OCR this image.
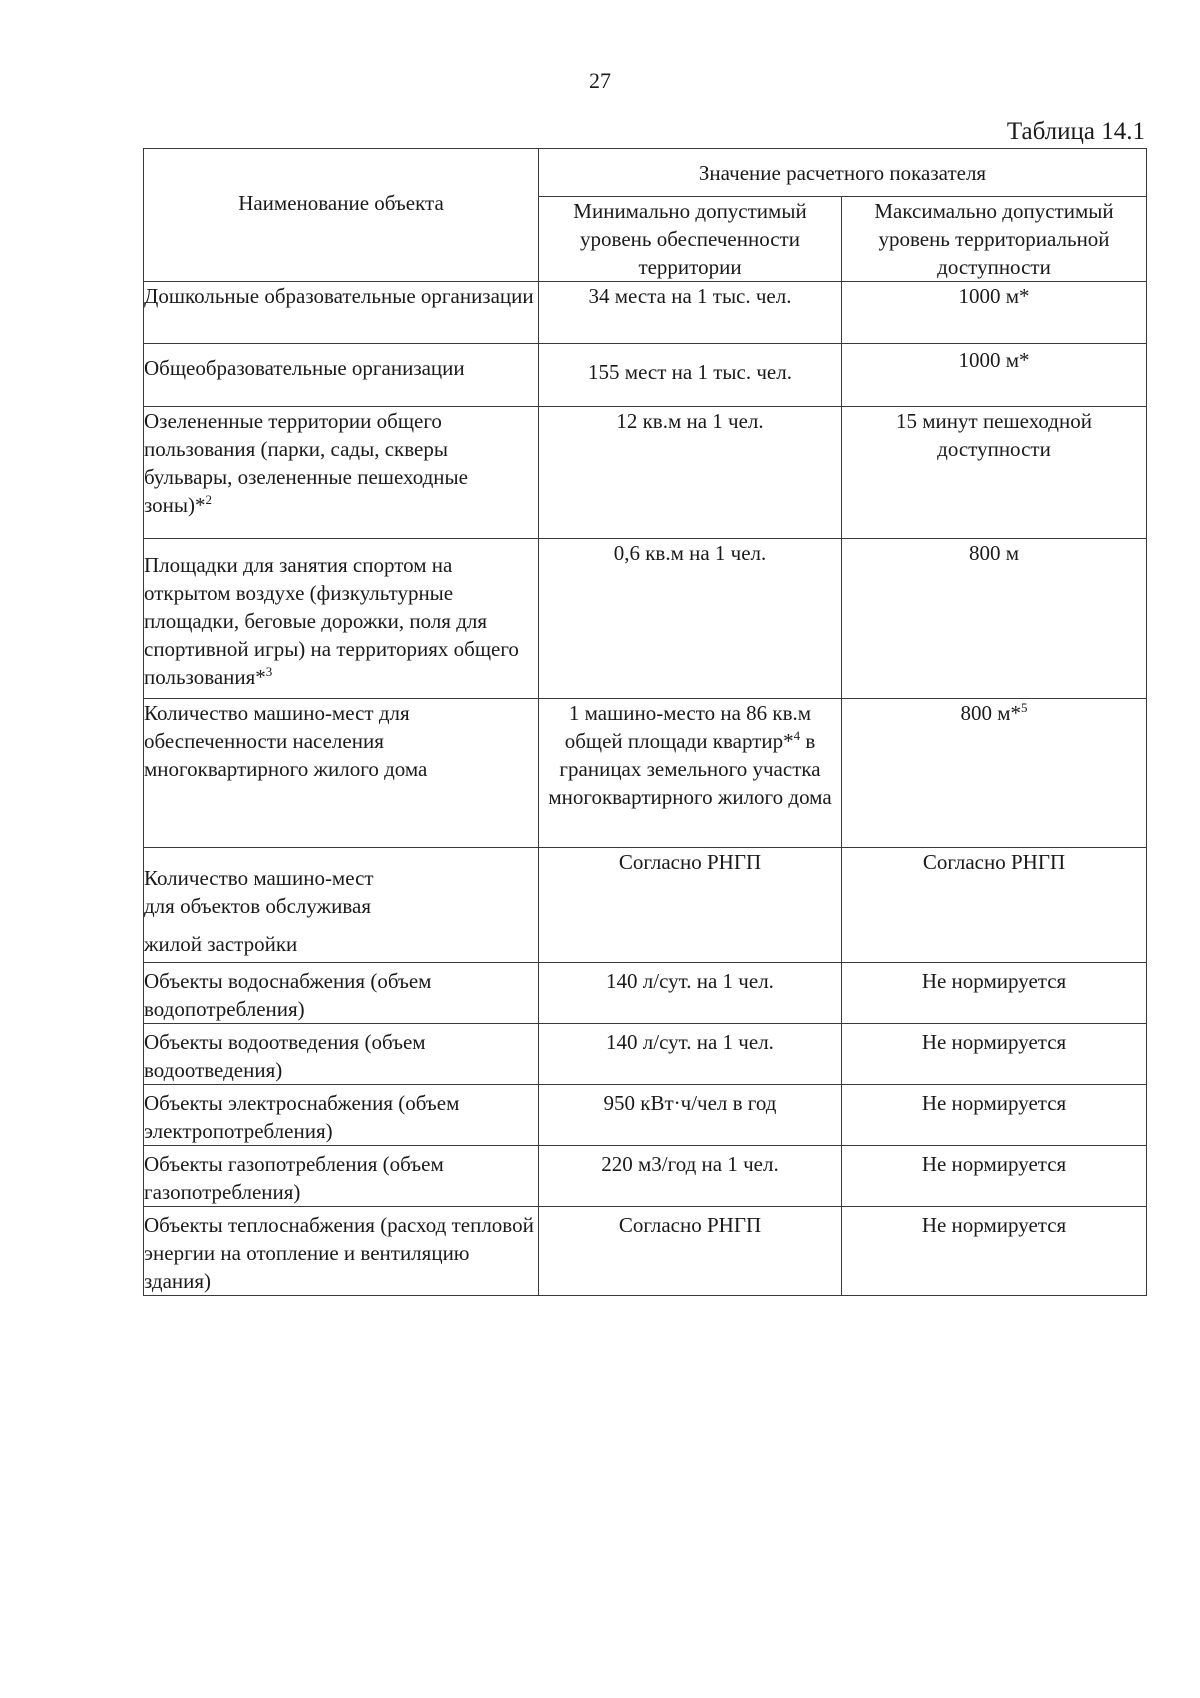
27
Таблица 14.1
Наименование объекта	Значение расчетного показателя	
	Минимально допустимый уровень обеспеченности территории	Максимально допустимый уровень территориальной доступности

Дошкольные образовательные организации	34 места на 1 тыс. чел.	1000 м*

Общеобразовательные организации	155 мест на 1 тыс. чел.	1000 м*
Озелененные территории общего пользования (парки, сады, скверы бульвары, озелененные пешеходные зоны)*$^2$	12 кв.м на 1 чел.	15 минут пешеходной доступности
Площадки для занятия спортом на открытом воздухе (физкультурные площадки, беговые дорожки, поля для спортивной игры) на территориях общего пользования*$^3$	0,6 кв.м на 1 чел.	800 м
Количество машино-мест для обеспеченности населения многоквартирного жилого дома	1 машино-место на 86 кв.м общей площади квартир*$^4$ в границах земельного участка многоквартирного жилого дома	800 м*$^5$

Количество машино-мест
для объектов обслуживая
жилой застройки	Согласно РНГП	Согласно РНГП
Объекты водоснабжения (объем водопотребления)	140 л/сут. на 1 чел.	Не нормируется
Объекты водоотведения (объем водоотведения)	140 л/сут. на 1 чел.	Не нормируется
Объекты электроснабжения (объем электропотребления)	950 кВт·ч/чел в год	Не нормируется
Объекты газопотребления (объем газопотребления)	220 м3/год на 1 чел.	Не нормируется
Объекты теплоснабжения (расход тепловой энергии на отопление и вентиляцию здания)	Согласно РНГП	Не нормируется
